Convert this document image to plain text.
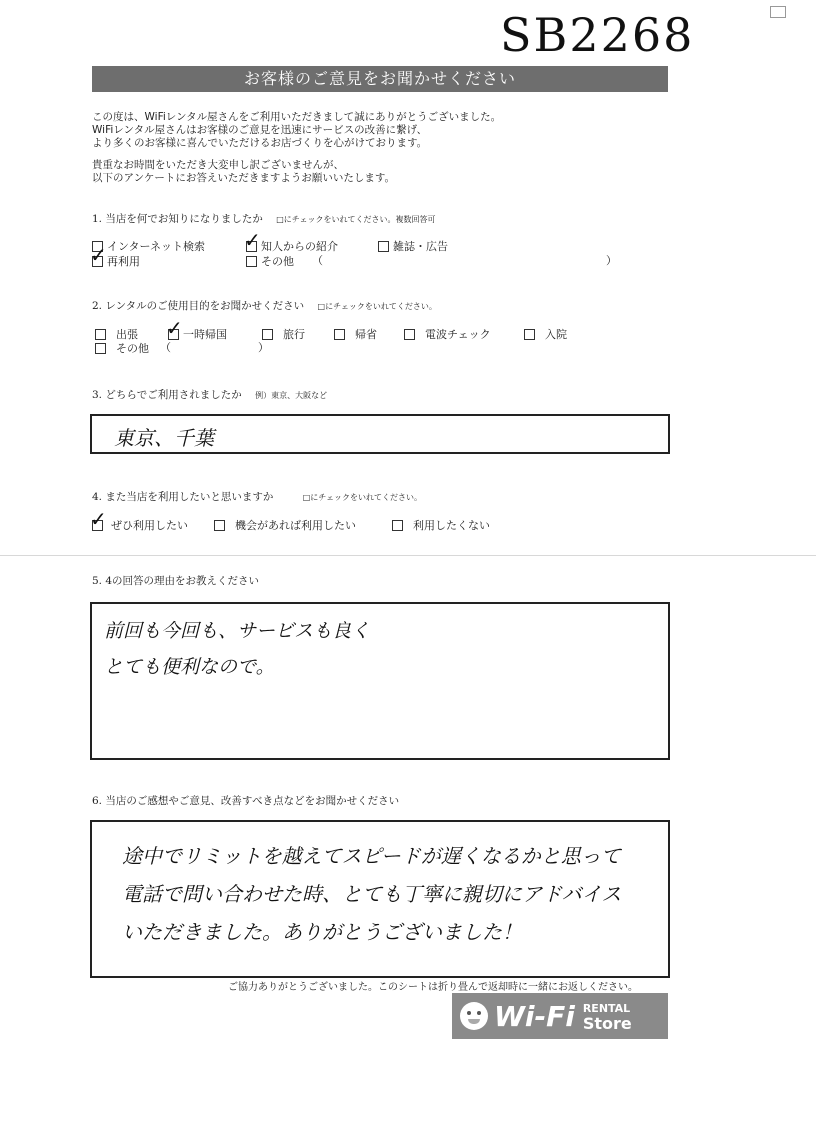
SB2268
お客様のご意見をお聞かせください

この度は、WiFiレンタル屋さんをご利用いただきまして誠にありがとうございました。
WiFiレンタル屋さんはお客様のご意見を迅速にサービスの改善に繋げ、
より多くのお客様に喜んでいただけるお店づくりを心がけております。

貴重なお時間をいただき大変申し訳ございませんが、
以下のアンケートにお答えいただきますようお願いいたします。

1. 当店を何でお知りになりましたか □にチェックをいれてください。複数回答可
インターネット検索 ✓ 知人からの紹介	雑誌・広告
✓ 再利用	その他 （	）
2. レンタルのご使用目的をお聞かせください □にチェックをいれてください。
出張 ✓ 一時帰国	旅行	帰省	電波チェック	入院
その他 （	）
3. どちらでご利用されましたか 例）東京、大阪など
東京、千葉
4. また当店を利用したいと思いますか	□にチェックをいれてください。
✓ ぜひ利用したい	機会があれば利用したい	利用したくない
5. 4の回答の理由をお教えください
前回も今回も、サービスも良く
とても便利なので。
6. 当店のご感想やご意見、改善すべき点などをお聞かせください
途中でリミットを越えてスピードが遅くなるかと思って
電話で問い合わせた時、とても丁寧に親切にアドバイス
いただきました。ありがとうございました！
ご協力ありがとうございました。このシートは折り畳んで返却時に一緒にお返しください。
Wi-Fi RENTAL
Store
